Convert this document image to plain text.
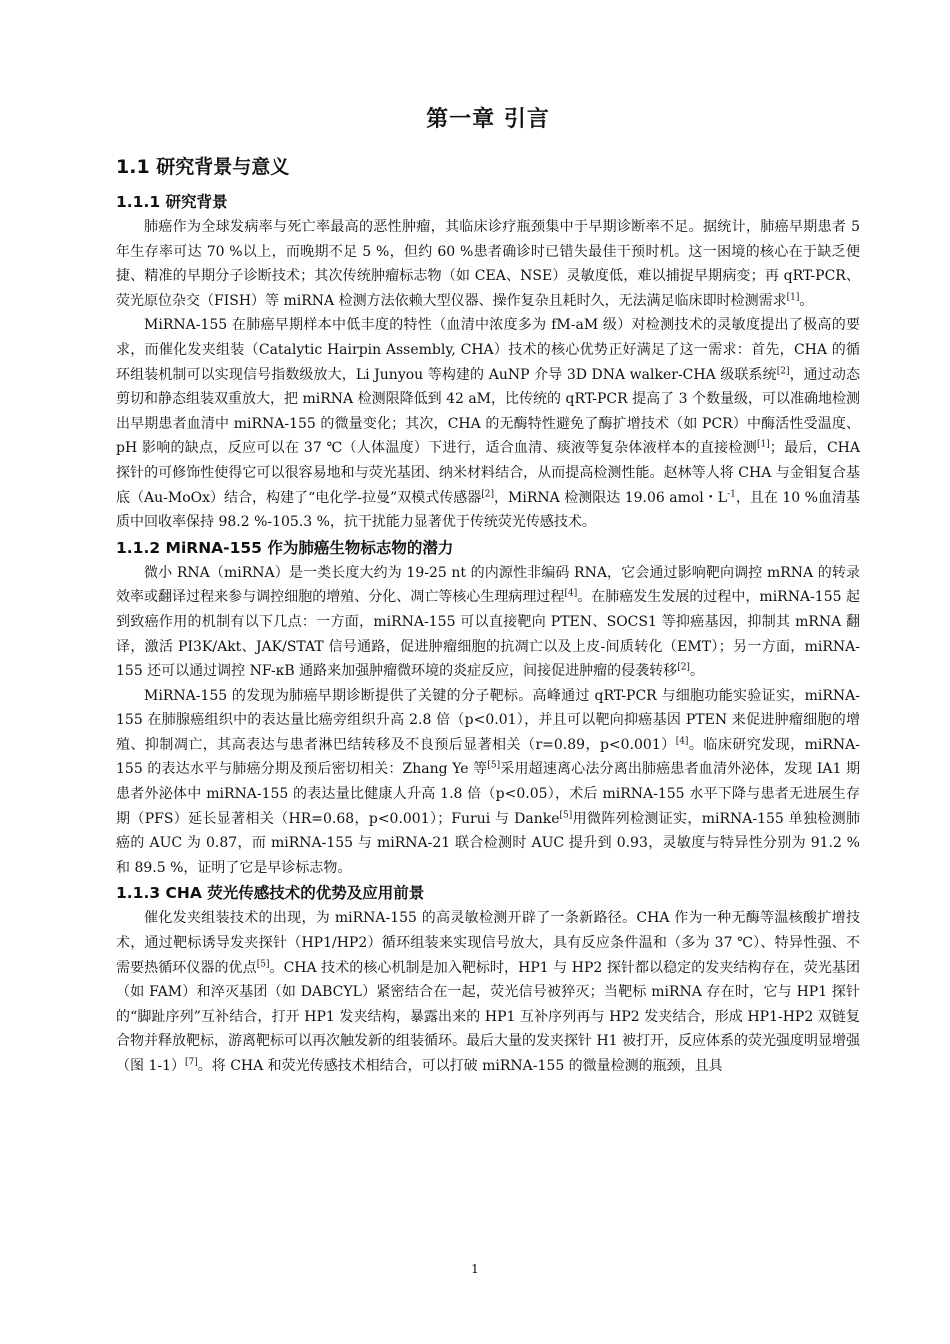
第一章 引言
1.1 研究背景与意义
1.1.1 研究背景

肺癌作为全球发病率与死亡率最高的恶性肿瘤，其临床诊疗瓶颈集中于早期诊断率不足。据统计，肺癌早期患者 5 年生存率可达 70 %以上，而晚期不足 5 %，但约 60 %患者确诊时已错失最佳干预时机。这一困境的核心在于缺乏便捷、精准的早期分子诊断技术；其次传统肿瘤标志物（如 CEA、NSE）灵敏度低，难以捕捉早期病变；再 qRT-PCR、荧光原位杂交（FISH）等 miRNA 检测方法依赖大型仪器、操作复杂且耗时久，无法满足临床即时检测需求[1]。

MiRNA-155 在肺癌早期样本中低丰度的特性（血清中浓度多为 fM-aM 级）对检测技术的灵敏度提出了极高的要求，而催化发夹组装（Catalytic Hairpin Assembly, CHA）技术的核心优势正好满足了这一需求：首先，CHA 的循环组装机制可以实现信号指数级放大，Li Junyou 等构建的 AuNP 介导 3D DNA walker-CHA 级联系统[2]，通过动态剪切和静态组装双重放大，把 miRNA 检测限降低到 42 aM，比传统的 qRT-PCR 提高了 3 个数量级，可以准确地检测出早期患者血清中 miRNA-155 的微量变化；其次，CHA 的无酶特性避免了酶扩增技术（如 PCR）中酶活性受温度、pH 影响的缺点，反应可以在 37 ℃（人体温度）下进行，适合血清、痰液等复杂体液样本的直接检测[1]；最后，CHA 探针的可修饰性使得它可以很容易地和与荧光基团、纳米材料结合，从而提高检测性能。赵林等人将 CHA 与金钼复合基底（Au-MoOx）结合，构建了“电化学-拉曼”双模式传感器[2]，MiRNA 检测限达 19.06 amol・$L^{-1}$，且在 10 %血清基质中回收率保持 98.2 %-105.3 %，抗干扰能力显著优于传统荧光传感技术。

1.1.2 MiRNA-155 作为肺癌生物标志物的潜力

微小 RNA（miRNA）是一类长度大约为 19-25 nt 的内源性非编码 RNA，它会通过影响靶向调控 mRNA 的转录效率或翻译过程来参与调控细胞的增殖、分化、凋亡等核心生理病理过程[4]。在肺癌发生发展的过程中，miRNA-155 起到致癌作用的机制有以下几点：一方面，miRNA-155 可以直接靶向 PTEN、SOCS1 等抑癌基因，抑制其 mRNA 翻译，激活 PI3K/Akt、JAK/STAT 信号通路，促进肿瘤细胞的抗凋亡以及上皮-间质转化（EMT）；另一方面，miRNA-155 还可以通过调控 NF-κB 通路来加强肿瘤微环境的炎症反应，间接促进肿瘤的侵袭转移[2]。

MiRNA-155 的发现为肺癌早期诊断提供了关键的分子靶标。高峰通过 qRT-PCR 与细胞功能实验证实，miRNA-155 在肺腺癌组织中的表达量比癌旁组织升高 2.8 倍（p<0.01），并且可以靶向抑癌基因 PTEN 来促进肿瘤细胞的增殖、抑制凋亡，其高表达与患者淋巴结转移及不良预后显著相关（r=0.89，p<0.001）[4]。临床研究发现，miRNA-155 的表达水平与肺癌分期及预后密切相关：Zhang Ye 等[5]采用超速离心法分离出肺癌患者血清外泌体，发现 IA1 期患者外泌体中 miRNA-155 的表达量比健康人升高 1.8 倍（p<0.05），术后 miRNA-155 水平下降与患者无进展生存期（PFS）延长显著相关（HR=0.68，p<0.001）；Furui 与 Danke[5]用微阵列检测证实，miRNA-155 单独检测肺癌的 AUC 为 0.87，而 miRNA-155 与 miRNA-21 联合检测时 AUC 提升到 0.93，灵敏度与特异性分别为 91.2 % 和 89.5 %，证明了它是早诊标志物。

1.1.3 CHA 荧光传感技术的优势及应用前景

催化发夹组装技术的出现，为 miRNA-155 的高灵敏检测开辟了一条新路径。CHA 作为一种无酶等温核酸扩增技术，通过靶标诱导发夹探针（HP1/HP2）循环组装来实现信号放大，具有反应条件温和（多为 37 ℃）、特异性强、不需要热循环仪器的优点[5]。CHA 技术的核心机制是加入靶标时，HP1 与 HP2 探针都以稳定的发夹结构存在，荧光基团（如 FAM）和淬灭基团（如 DABCYL）紧密结合在一起，荧光信号被猝灭；当靶标 miRNA 存在时，它与 HP1 探针的“脚趾序列”互补结合，打开 HP1 发夹结构，暴露出来的 HP1 互补序列再与 HP2 发夹结合，形成 HP1-HP2 双链复合物并释放靶标，游离靶标可以再次触发新的组装循环。最后大量的发夹探针 H1 被打开，反应体系的荧光强度明显增强（图 1-1）[7]。将 CHA 和荧光传感技术相结合，可以打破 miRNA-155 的微量检测的瓶颈，且具

1
